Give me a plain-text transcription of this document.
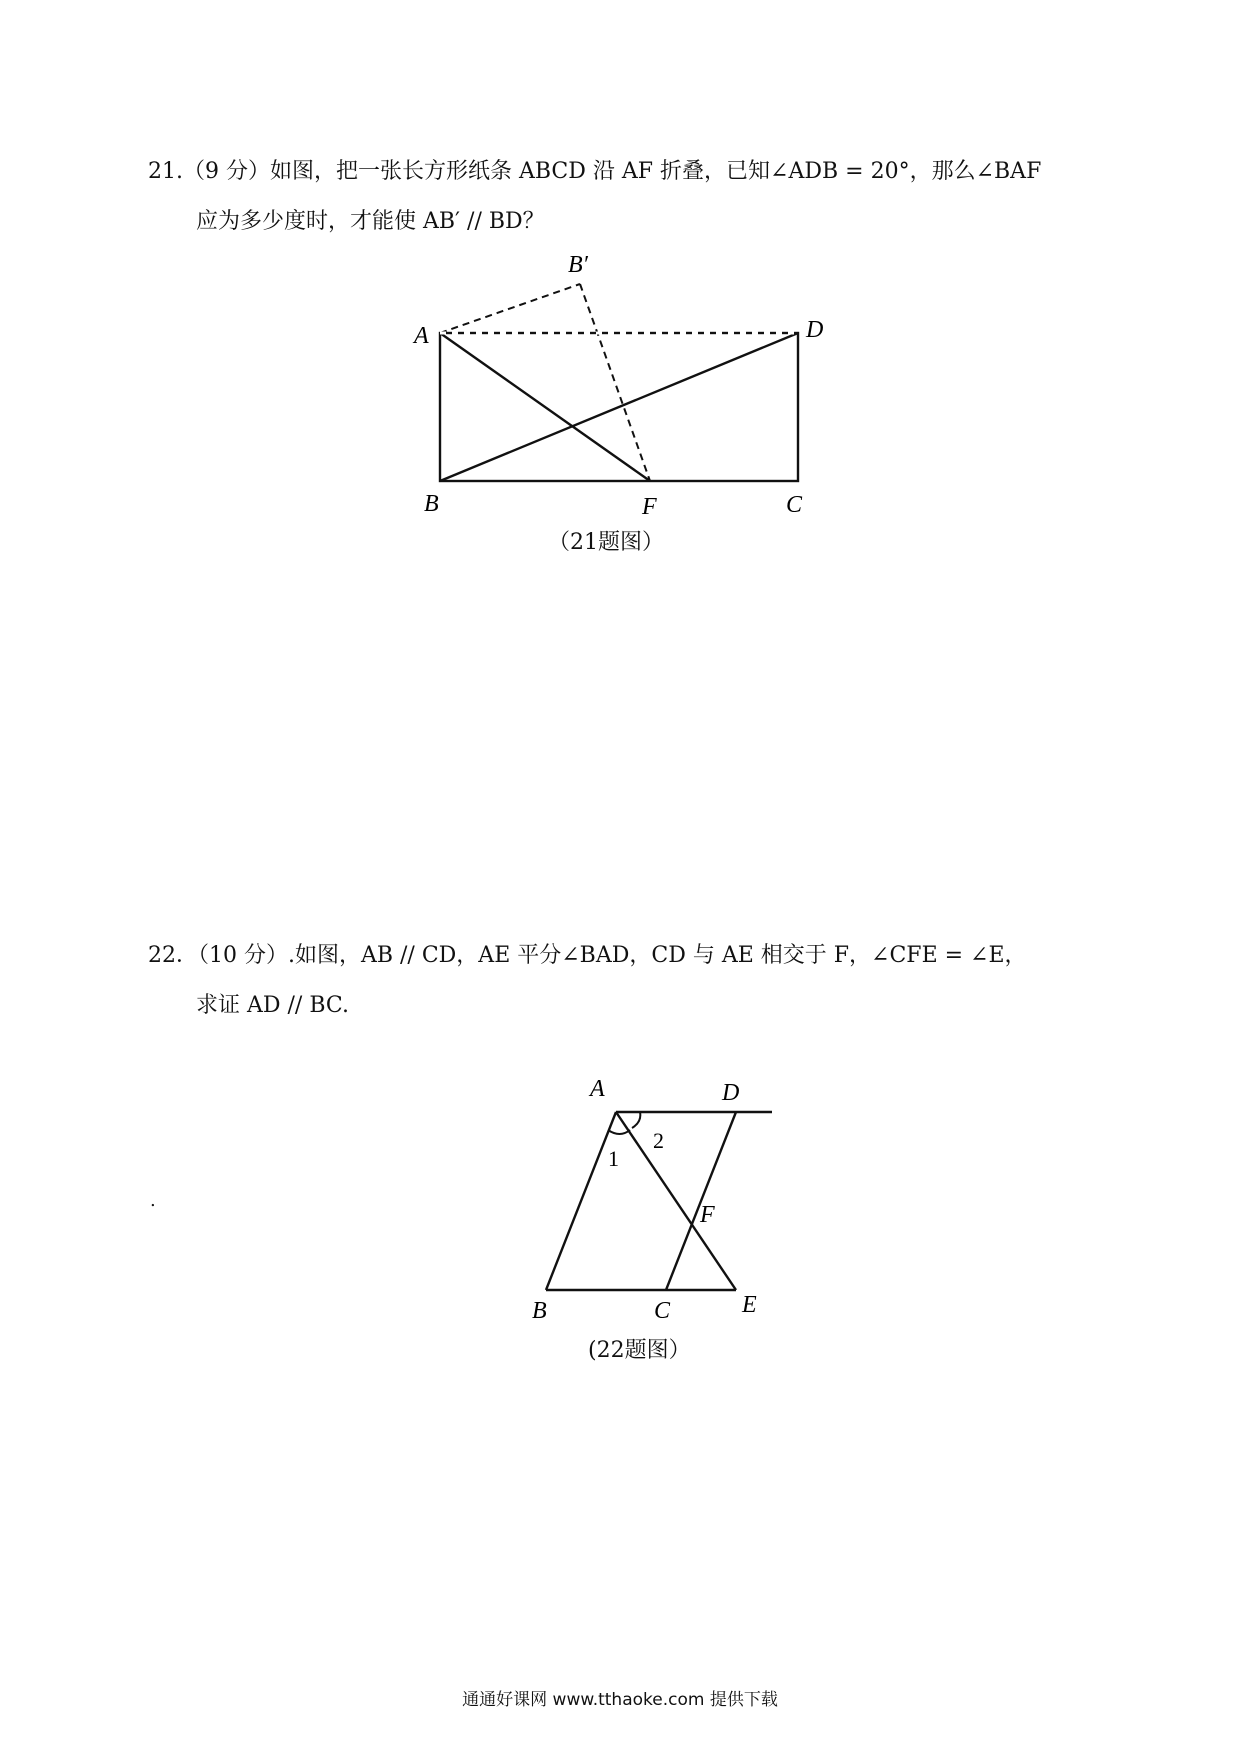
21.（9 分）如图，把一张长方形纸条 ABCD 沿 AF 折叠，已知∠ADB = 20°，那么∠BAF
应为多少度时，才能使 AB′ // BD？
A	D
B	F	C
B′
（21题图）
22．（10 分）.如图，AB // CD，AE 平分∠BAD，CD 与 AE 相交于 F，∠CFE = ∠E，
求证 AD // BC.
A	D
2
1
F
B	C	E
(22题图）
.
通通好课网 www.tthaoke.com 提供下载
